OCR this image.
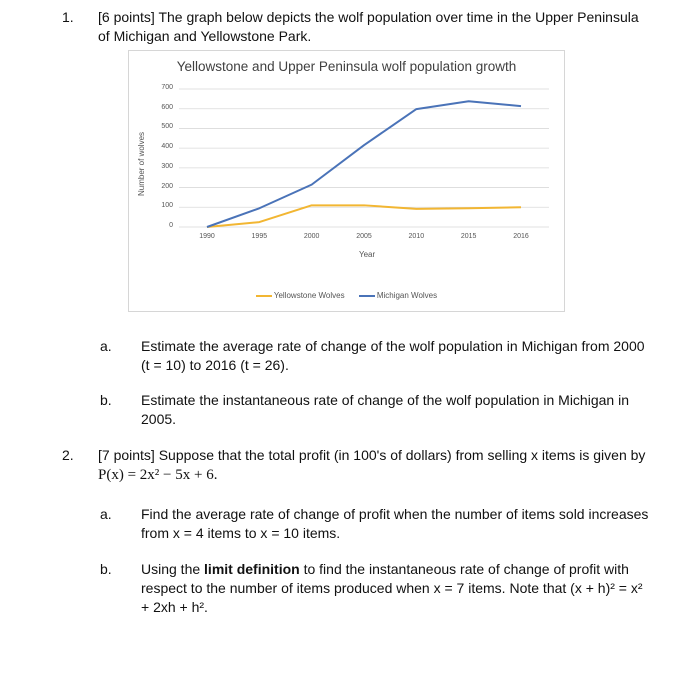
1. [6 points] The graph below depicts the wolf population over time in the Upper Peninsula
of Michigan and Yellowstone Park.
Yellowstone and Upper Peninsula wolf population growth
0
100
200
300
400
500
600
700
1990	1995	2000	2005	2010	2015	2016
Number of wolves
Year
Yellowstone Wolves	Michigan Wolves
a. Estimate the average rate of change of the wolf population in Michigan from 2000
(t = 10) to 2016 (t = 26).
b. Estimate the instantaneous rate of change of the wolf population in Michigan in
2005.
2. [7 points] Suppose that the total profit (in 100's of dollars) from selling x items is given by
P(x) = 2x² − 5x + 6.
a. Find the average rate of change of profit when the number of items sold increases
from x = 4 items to x = 10 items.
b. Using the limit definition to find the instantaneous rate of change of profit with
respect to the number of items produced when x = 7 items. Note that (x + h)² = x²
+ 2xh + h².
